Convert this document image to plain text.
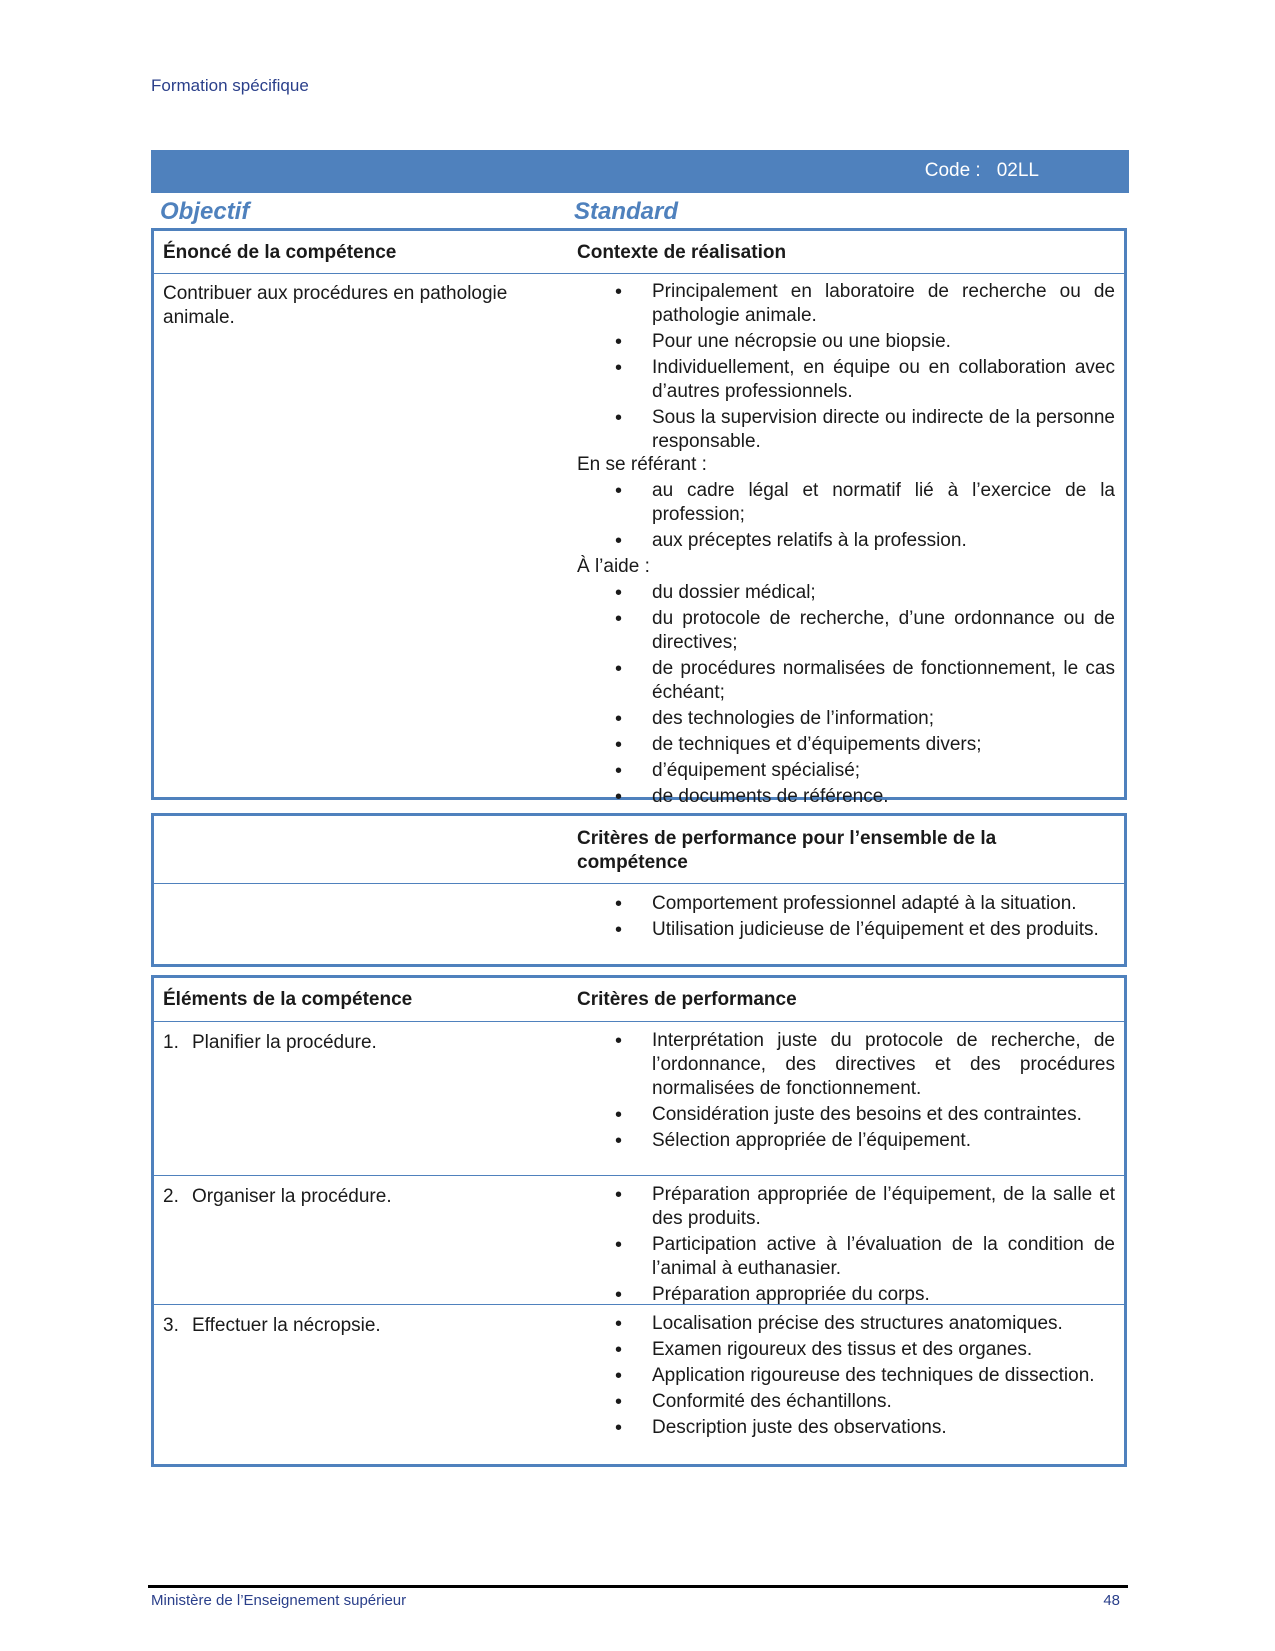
Formation spécifique
Code : 02LL
Objectif	Standard
Énoncé de la compétence	Contexte de réalisation
Contribuer aux procédures en pathologie animale.
• Principalement en laboratoire de recherche ou de pathologie animale.
• Pour une nécropsie ou une biopsie.
• Individuellement, en équipe ou en collaboration avec d’autres professionnels.
• Sous la supervision directe ou indirecte de la personne responsable.

En se référant :

• au cadre légal et normatif lié à l’exercice de la profession;
• aux préceptes relatifs à la profession.

À l’aide :

• du dossier médical;
• du protocole de recherche, d’une ordonnance ou de directives;
• de procédures normalisées de fonctionnement, le cas échéant;
• des technologies de l’information;
• de techniques et d’équipements divers;
• d’équipement spécialisé;
• de documents de référence.
Critères de performance pour l’ensemble de la compétence
• Comportement professionnel adapté à la situation.
• Utilisation judicieuse de l’équipement et des produits.
Éléments de la compétence	Critères de performance
1. Planifier la procédure.	• Interprétation juste du protocole de recherche, de l’ordonnance, des directives et des procédures normalisées de fonctionnement.
• Considération juste des besoins et des contraintes.
• Sélection appropriée de l’équipement.
2. Organiser la procédure.	• Préparation appropriée de l’équipement, de la salle et des produits.
• Participation active à l’évaluation de la condition de l’animal à euthanasier.
• Préparation appropriée du corps.
3. Effectuer la nécropsie.	• Localisation précise des structures anatomiques.
• Examen rigoureux des tissus et des organes.
• Application rigoureuse des techniques de dissection.
• Conformité des échantillons.
• Description juste des observations.
Ministère de l’Enseignement supérieur	48
